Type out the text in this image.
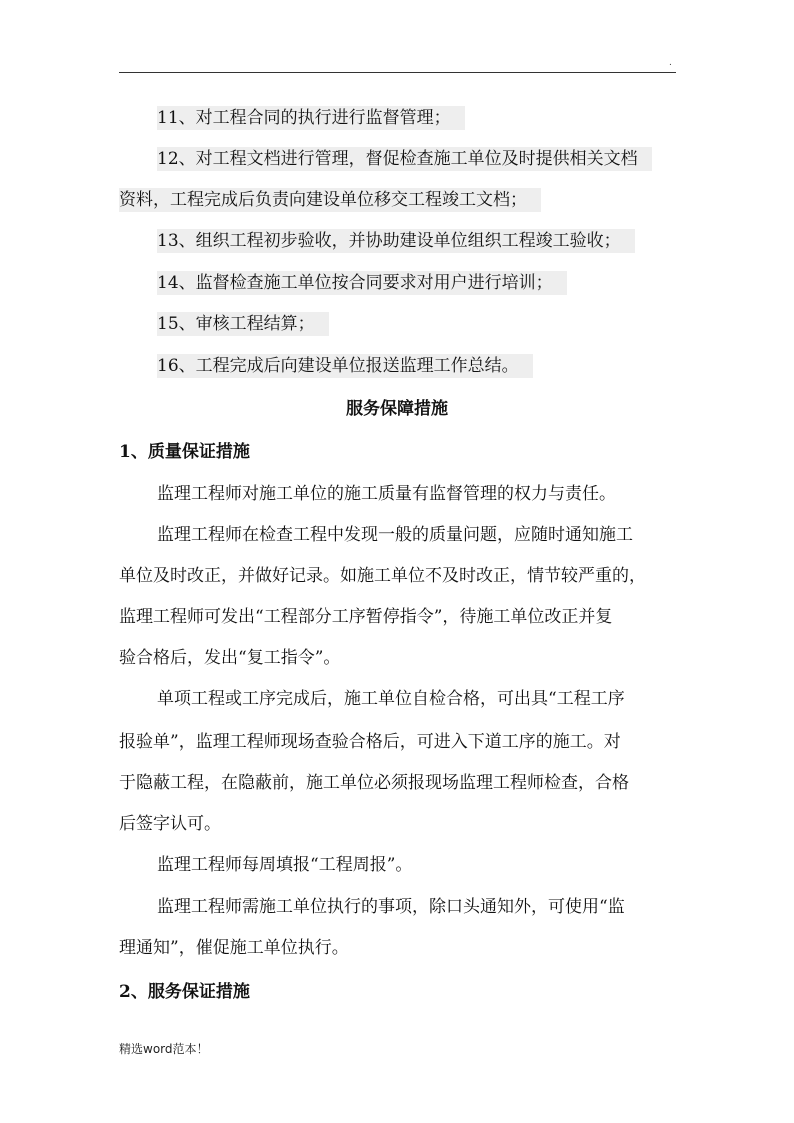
.
11、对工程合同的执行进行监督管理；
12、对工程文档进行管理，督促检查施工单位及时提供相关文档
资料，工程完成后负责向建设单位移交工程竣工文档；
13、组织工程初步验收，并协助建设单位组织工程竣工验收；
14、监督检查施工单位按合同要求对用户进行培训；
15、审核工程结算；
16、工程完成后向建设单位报送监理工作总结。
服务保障措施
1、质量保证措施
监理工程师对施工单位的施工质量有监督管理的权力与责任。
监理工程师在检查工程中发现一般的质量问题，应随时通知施工
单位及时改正，并做好记录。如施工单位不及时改正，情节较严重的，
监理工程师可发出“工程部分工序暂停指令”，待施工单位改正并复
验合格后，发出“复工指令”。
单项工程或工序完成后，施工单位自检合格，可出具“工程工序
报验单”，监理工程师现场查验合格后，可进入下道工序的施工。对
于隐蔽工程，在隐蔽前，施工单位必须报现场监理工程师检查，合格
后签字认可。
监理工程师每周填报“工程周报”。
监理工程师需施工单位执行的事项，除口头通知外，可使用“监
理通知”，催促施工单位执行。
2、服务保证措施
精选word范本！
